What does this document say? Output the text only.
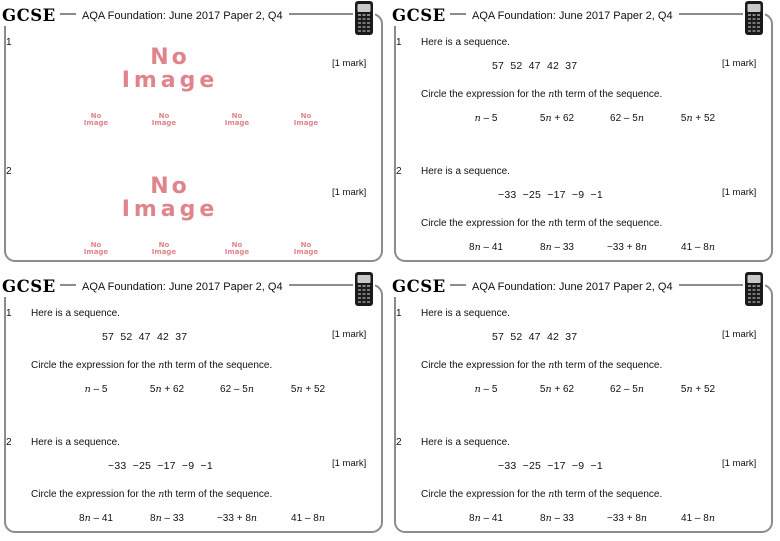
GCSE	AQA Foundation: June 2017 Paper 2, Q4
No
Image
No
Image
No
Image
No
Image
No
Image
1
[1 mark]
No
Image
No
Image
No
Image
No
Image
No
Image
2
[1 mark]
GCSE	AQA Foundation: June 2017 Paper 2, Q4
1 Here is a sequence.
57  52  47  42  37	[1 mark]
Circle the expression for the nth term of the sequence.
n – 5	5n + 62	62 – 5n	5n + 52
2 Here is a sequence.
−33  −25  −17  −9  −1	[1 mark]
Circle the expression for the nth term of the sequence.
8n – 41	8n – 33	−33 + 8n	41 – 8n
GCSE	AQA Foundation: June 2017 Paper 2, Q4
1 Here is a sequence.
57  52  47  42  37	[1 mark]
Circle the expression for the nth term of the sequence.
n – 5	5n + 62	62 – 5n	5n + 52
2 Here is a sequence.
−33  −25  −17  −9  −1	[1 mark]
Circle the expression for the nth term of the sequence.
8n – 41	8n – 33	−33 + 8n	41 – 8n
GCSE	AQA Foundation: June 2017 Paper 2, Q4
1 Here is a sequence.
57  52  47  42  37	[1 mark]
Circle the expression for the nth term of the sequence.
n – 5	5n + 62	62 – 5n	5n + 52
2 Here is a sequence.
−33  −25  −17  −9  −1	[1 mark]
Circle the expression for the nth term of the sequence.
8n – 41	8n – 33	−33 + 8n	41 – 8n
